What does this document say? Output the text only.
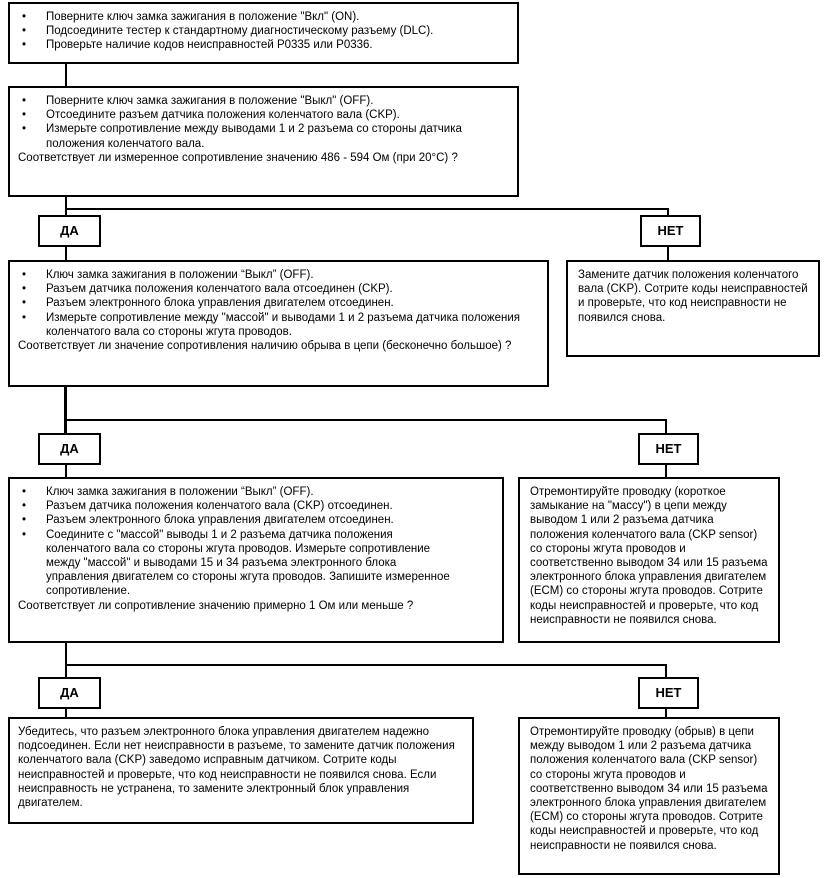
• Поверните ключ замка зажигания в положение "Вкл" (ON).
• Подсоедините тестер к стандартному диагностическому разъему (DLC).
• Проверьте наличие кодов неисправностей P0335 или P0336.
• Поверните ключ замка зажигания в положение "Выкл" (OFF).
• Отсоедините разъем датчика положения коленчатого вала (CKP).
• Измерьте сопротивление между выводами 1 и 2 разъема со стороны датчика положения коленчатого вала.

Соответствует ли измеренное сопротивление значению 486 - 594 Ом (при 20°C) ?

ДА	НЕТ
• Ключ замка зажигания в положении “Выкл” (OFF).
• Разъем датчика положения коленчатого вала отсоединен (CKP).
• Разъем электронного блока управления двигателем отсоединен.
• Измерьте сопротивление между "массой" и выводами 1 и 2 разъема датчика положения коленчатого вала со стороны жгута проводов.

Соответствует ли значение сопротивления наличию обрыва в цепи (бесконечно большое) ?

Замените датчик положения коленчатого вала (CKP). Сотрите коды неисправностей и проверьте, что код неисправности не появился снова.
ДА	НЕТ
• Ключ замка зажигания в положении “Выкл” (OFF).
• Разъем датчика положения коленчатого вала (CKP) отсоединен.
• Разъем электронного блока управления двигателем отсоединен.
• Соедините с "массой" выводы 1 и 2 разъема датчика положения коленчатого вала со стороны жгута проводов. Измерьте сопротивление между "массой" и выводами 15 и 34 разъема электронного блока управления двигателем со стороны жгута проводов. Запишите измеренное сопротивление.

Соответствует ли сопротивление значению примерно 1 Ом или меньше ?

Отремонтируйте проводку (короткое замыкание на "массу") в цепи между выводом 1 или 2 разъема датчика положения коленчатого вала (CKP sensor) со стороны жгута проводов и соответственно выводом 34 или 15 разъема электронного блока управления двигателем (ECM) со стороны жгута проводов. Сотрите коды неисправностей и проверьте, что код неисправности не появился снова.
ДА	НЕТ
Убедитесь, что разъем электронного блока управления двигателем надежно подсоединен. Если нет неисправности в разъеме, то замените датчик положения коленчатого вала (CKP) заведомо исправным датчиком. Сотрите коды неисправностей и проверьте, что код неисправности не появился снова. Если неисправность не устранена, то замените электронный блок управления двигателем.
Отремонтируйте проводку (обрыв) в цепи между выводом 1 или 2 разъема датчика положения коленчатого вала (CKP sensor) со стороны жгута проводов и соответственно выводом 34 или 15 разъема электронного блока управления двигателем (ECM) со стороны жгута проводов. Сотрите коды неисправностей и проверьте, что код неисправности не появился снова.
